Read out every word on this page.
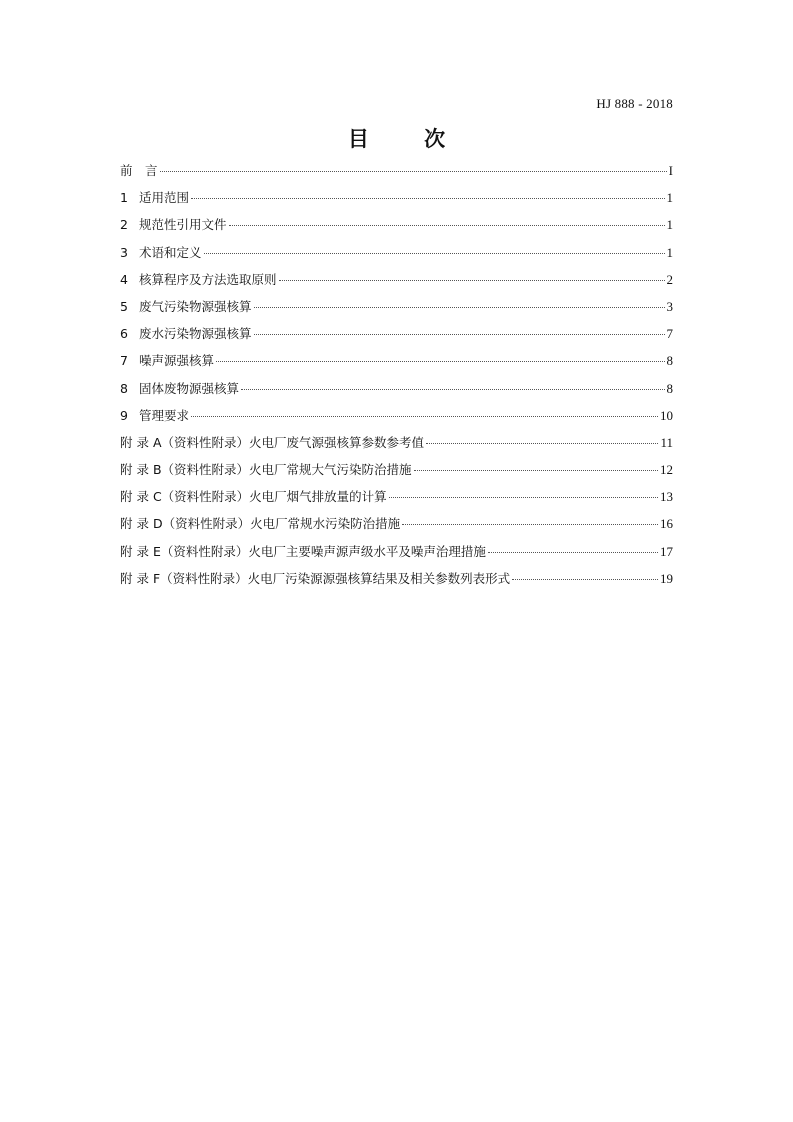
HJ 888 - 2018
目 次
前　言	I
1 适用范围	1
2 规范性引用文件	1
3 术语和定义	1
4 核算程序及方法选取原则	2
5 废气污染物源强核算	3
6 废水污染物源强核算	7
7 噪声源强核算	8
8 固体废物源强核算	8
9 管理要求	10
附 录 A（资料性附录）火电厂废气源强核算参数参考值	11
附 录 B（资料性附录）火电厂常规大气污染防治措施	12
附 录 C（资料性附录）火电厂烟气排放量的计算	13
附 录 D（资料性附录）火电厂常规水污染防治措施	16
附 录 E（资料性附录）火电厂主要噪声源声级水平及噪声治理措施	17
附 录 F（资料性附录）火电厂污染源源强核算结果及相关参数列表形式	19
